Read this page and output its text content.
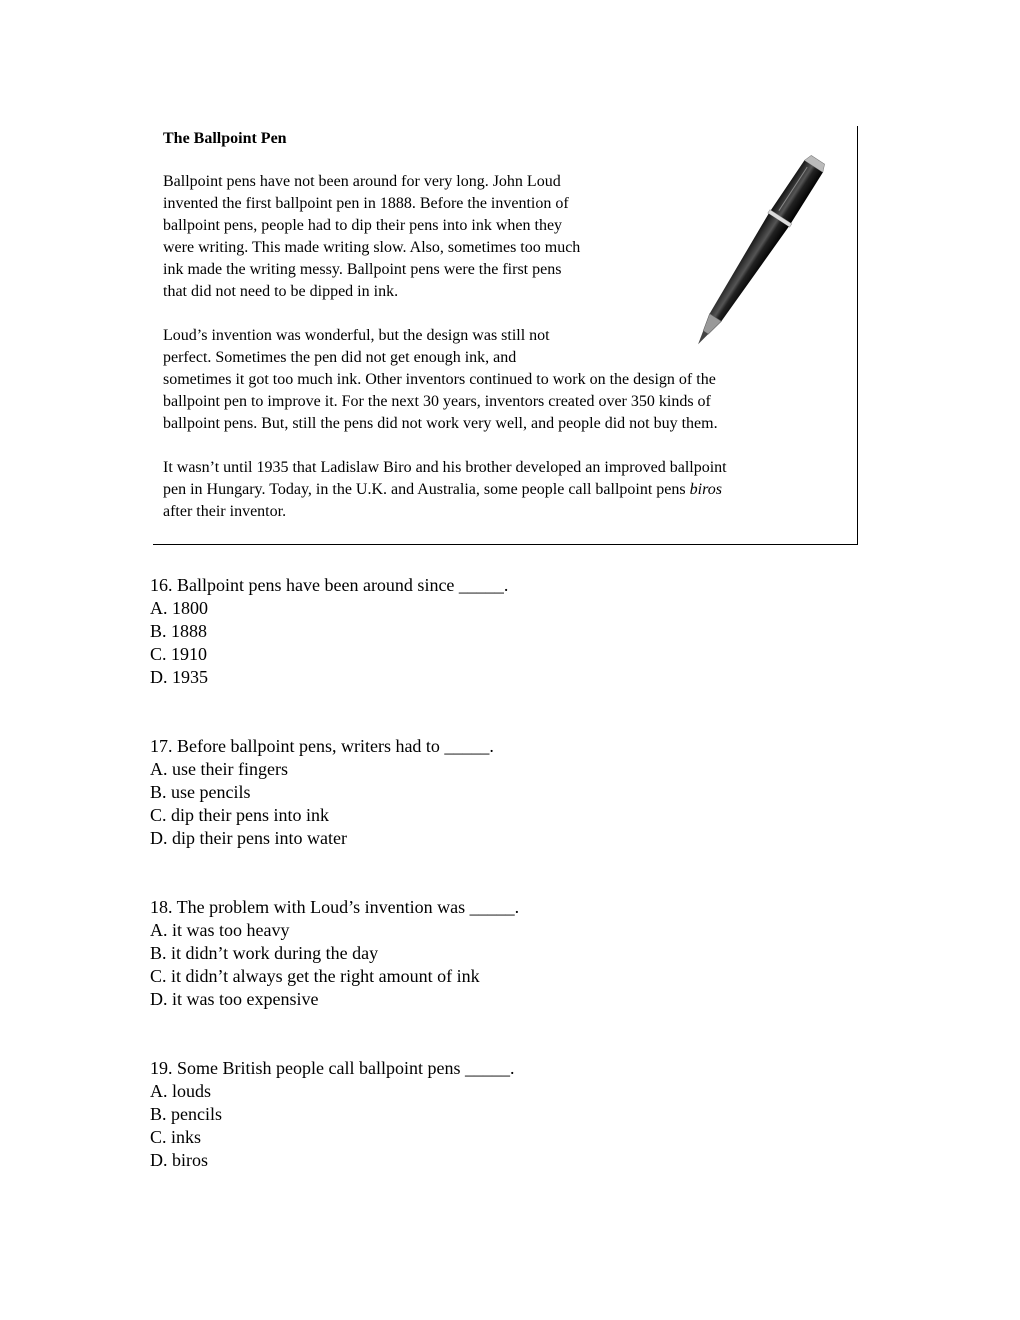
The Ballpoint Pen
Ballpoint pens have not been around for very long. John Loud
invented the first ballpoint pen in 1888. Before the invention of
ballpoint pens, people had to dip their pens into ink when they
were writing. This made writing slow. Also, sometimes too much
ink made the writing messy. Ballpoint pens were the first pens
that did not need to be dipped in ink.
Loud’s invention was wonderful, but the design was still not
perfect. Sometimes the pen did not get enough ink, and
sometimes it got too much ink. Other inventors continued to work on the design of the
ballpoint pen to improve it. For the next 30 years, inventors created over 350 kinds of
ballpoint pens. But, still the pens did not work very well, and people did not buy them.
It wasn’t until 1935 that Ladislaw Biro and his brother developed an improved ballpoint
pen in Hungary. Today, in the U.K. and Australia, some people call ballpoint pens biros
after their inventor.
16. Ballpoint pens have been around since _____.
A. 1800
B. 1888
C. 1910
D. 1935
17. Before ballpoint pens, writers had to _____.
A. use their fingers
B. use pencils
C. dip their pens into ink
D. dip their pens into water
18. The problem with Loud’s invention was _____.
A. it was too heavy
B. it didn’t work during the day
C. it didn’t always get the right amount of ink
D. it was too expensive
19. Some British people call ballpoint pens _____.
A. louds
B. pencils
C. inks
D. biros
